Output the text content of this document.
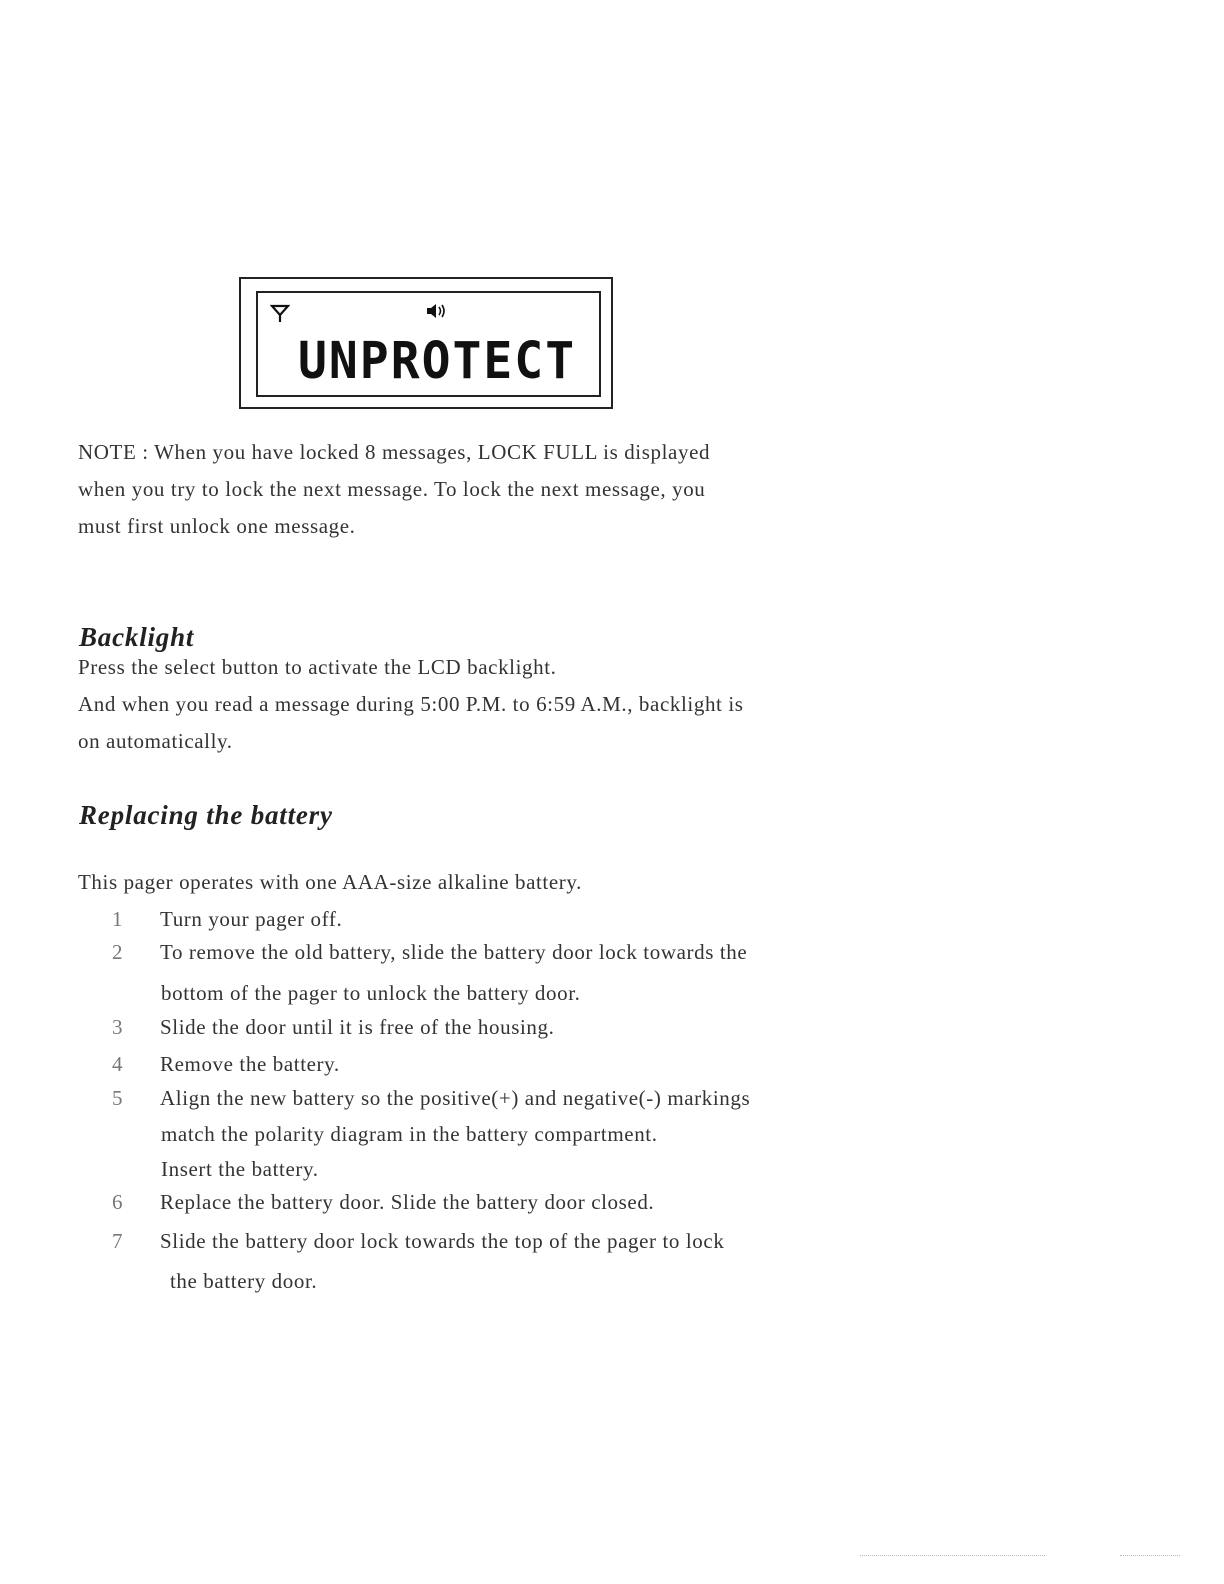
UNPROTECT

NOTE : When you have locked 8 messages, LOCK FULL is displayed

when you try to lock the next message. To lock the next message, you

must first unlock one message.

Backlight

Press the select button to activate the LCD backlight.

And when you read a message during 5:00 P.M. to 6:59 A.M., backlight is

on automatically.

Replacing the battery

This pager operates with one AAA-size alkaline battery.

1 Turn your pager off.

2 To remove the old battery, slide the battery door lock towards the

bottom of the pager to unlock the battery door.

3 Slide the door until it is free of the housing.

4 Remove the battery.

5 Align the new battery so the positive(+) and negative(-) markings

match the polarity diagram in the battery compartment.

Insert the battery.

6 Replace the battery door. Slide the battery door closed.

7 Slide the battery door lock towards the top of the pager to lock

the battery door.
